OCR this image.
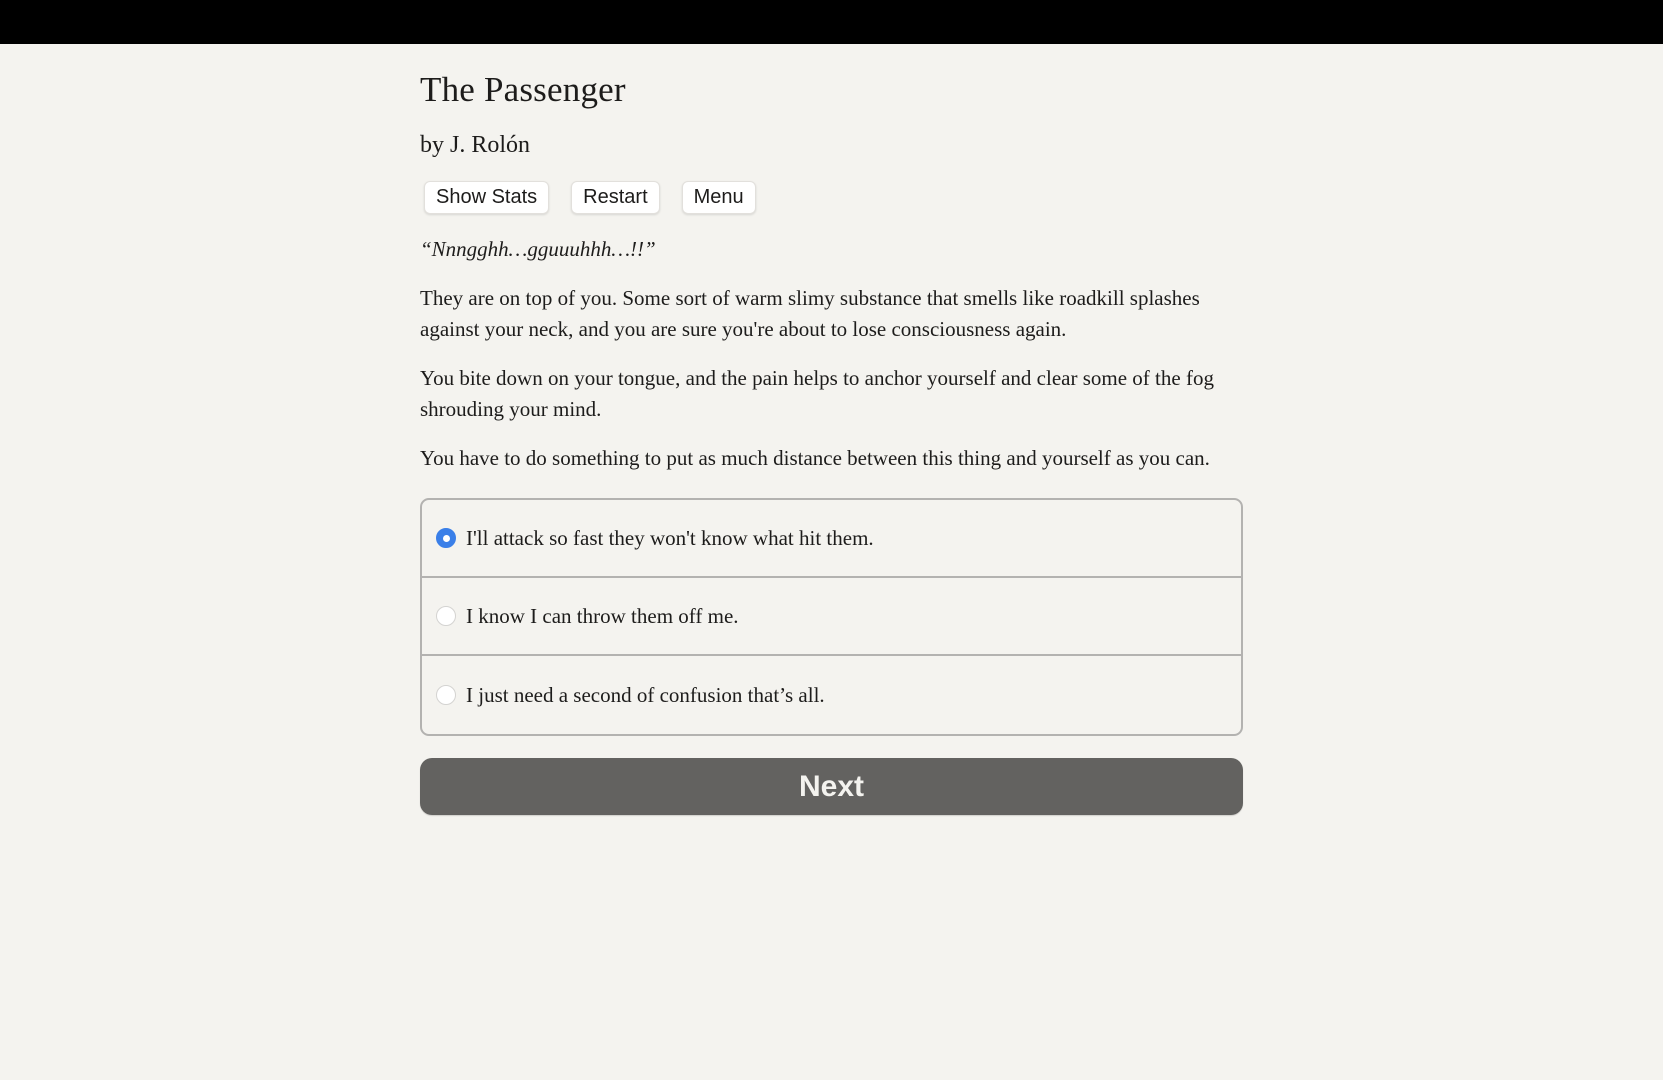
The Passenger
by J. Rolón
Show Stats	Restart	Menu

“Nnngghh…gguuuhhh…!!”

They are on top of you. Some sort of warm slimy substance that smells like roadkill splashes against your neck, and you are sure you're about to lose consciousness again.

You bite down on your tongue, and the pain helps to anchor yourself and clear some of the fog shrouding your mind.

You have to do something to put as much distance between this thing and yourself as you can.

I'll attack so fast they won't know what hit them.
I know I can throw them off me.
I just need a second of confusion that’s all.
Next
